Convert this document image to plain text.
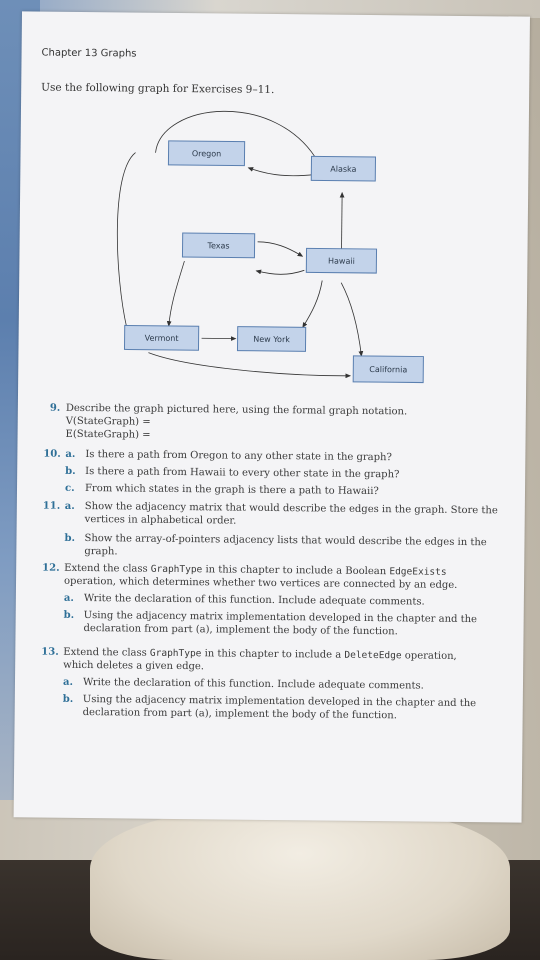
Chapter 13 Graphs
Use the following graph for Exercises 9–11.
Oregon
Alaska
Texas
Hawaii
Vermont	New York
California
9. Describe the graph pictured here, using the formal graph notation.
V(StateGraph) =
E(StateGraph) =
10. a. Is there a path from Oregon to any other state in the graph?
b. Is there a path from Hawaii to every other state in the graph?
c. From which states in the graph is there a path to Hawaii?
11. a. Show the adjacency matrix that would describe the edges in the graph. Store the
vertices in alphabetical order.
b. Show the array-of-pointers adjacency lists that would describe the edges in the
graph.
12. Extend the class GraphType in this chapter to include a Boolean EdgeExists
operation, which determines whether two vertices are connected by an edge.
a. Write the declaration of this function. Include adequate comments.
b. Using the adjacency matrix implementation developed in the chapter and the
declaration from part (a), implement the body of the function.
13. Extend the class GraphType in this chapter to include a DeleteEdge operation,
which deletes a given edge.
a. Write the declaration of this function. Include adequate comments.
b. Using the adjacency matrix implementation developed in the chapter and the
declaration from part (a), implement the body of the function.
